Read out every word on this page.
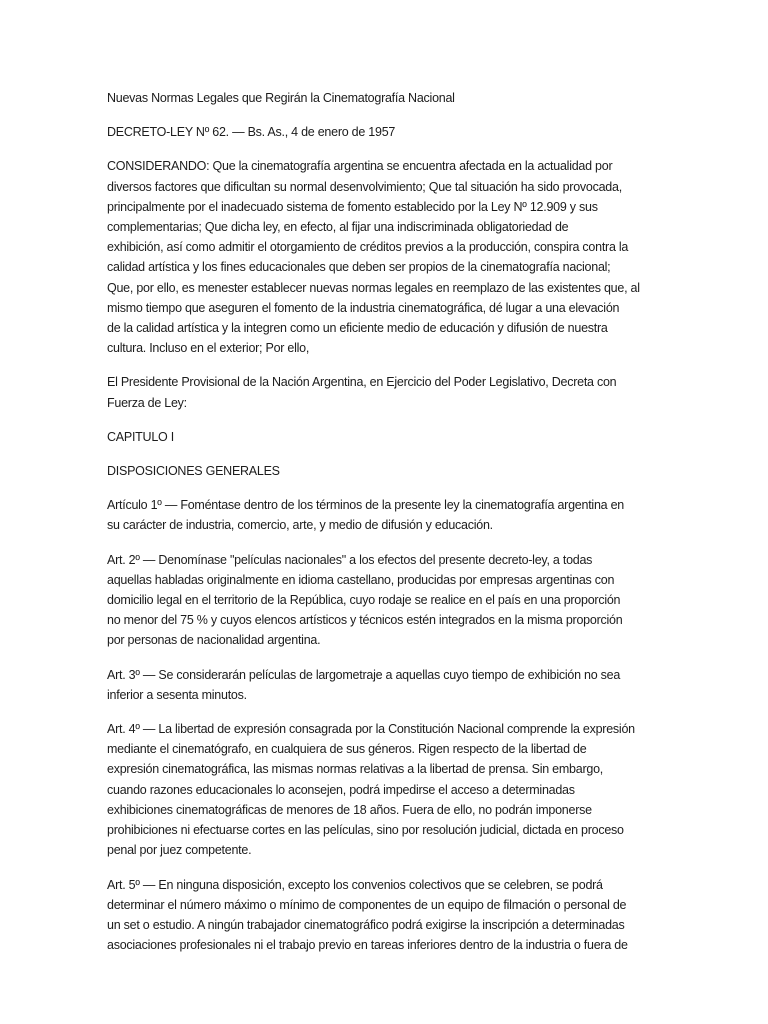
Nuevas Normas Legales que Regirán la Cinematografía Nacional

DECRETO-LEY Nº 62. — Bs. As., 4 de enero de 1957

CONSIDERANDO: Que la cinematografía argentina se encuentra afectada en la actualidad por
diversos factores que dificultan su normal desenvolvimiento; Que tal situación ha sido provocada,
principalmente por el inadecuado sistema de fomento establecido por la Ley Nº 12.909 y sus
complementarias; Que dicha ley, en efecto, al fijar una indiscriminada obligatoriedad de
exhibición, así como admitir el otorgamiento de créditos previos a la producción, conspira contra la
calidad artística y los fines educacionales que deben ser propios de la cinematografía nacional;
Que, por ello, es menester establecer nuevas normas legales en reemplazo de las existentes que, al
mismo tiempo que aseguren el fomento de la industria cinematográfica, dé lugar a una elevación
de la calidad artística y la integren como un eficiente medio de educación y difusión de nuestra
cultura. Incluso en el exterior; Por ello,

El Presidente Provisional de la Nación Argentina, en Ejercicio del Poder Legislativo, Decreta con
Fuerza de Ley:

CAPITULO I

DISPOSICIONES GENERALES

Artículo 1º — Foméntase dentro de los términos de la presente ley la cinematografía argentina en
su carácter de industria, comercio, arte, y medio de difusión y educación.

Art. 2º — Denomínase "películas nacionales" a los efectos del presente decreto-ley, a todas
aquellas habladas originalmente en idioma castellano, producidas por empresas argentinas con
domicilio legal en el territorio de la República, cuyo rodaje se realice en el país en una proporción
no menor del 75 % y cuyos elencos artísticos y técnicos estén integrados en la misma proporción
por personas de nacionalidad argentina.

Art. 3º — Se considerarán películas de largometraje a aquellas cuyo tiempo de exhibición no sea
inferior a sesenta minutos.

Art. 4º — La libertad de expresión consagrada por la Constitución Nacional comprende la expresión
mediante el cinematógrafo, en cualquiera de sus géneros. Rigen respecto de la libertad de
expresión cinematográfica, las mismas normas relativas a la libertad de prensa. Sin embargo,
cuando razones educacionales lo aconsejen, podrá impedirse el acceso a determinadas
exhibiciones cinematográficas de menores de 18 años. Fuera de ello, no podrán imponerse
prohibiciones ni efectuarse cortes en las películas, sino por resolución judicial, dictada en proceso
penal por juez competente.

Art. 5º — En ninguna disposición, excepto los convenios colectivos que se celebren, se podrá
determinar el número máximo o mínimo de componentes de un equipo de filmación o personal de
un set o estudio. A ningún trabajador cinematográfico podrá exigirse la inscripción a determinadas
asociaciones profesionales ni el trabajo previo en tareas inferiores dentro de la industria o fuera de
